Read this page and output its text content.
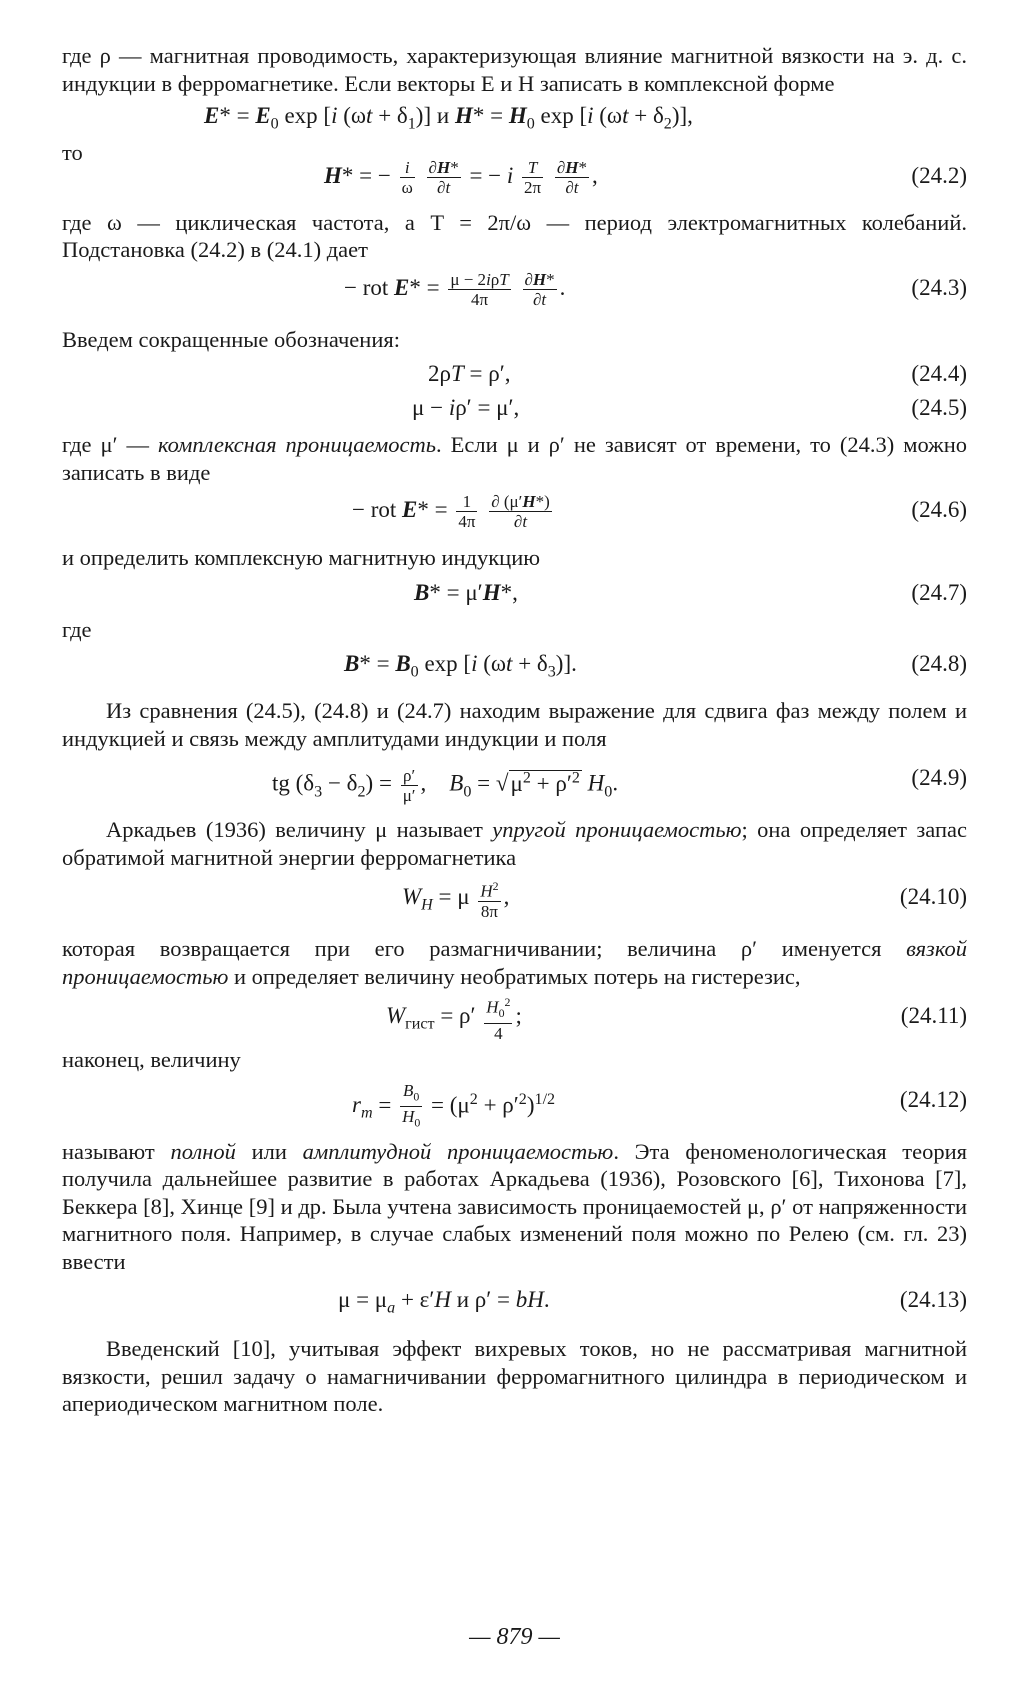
где ρ — магнитная проводимость, характеризующая влияние магнитной вязкости на э. д. с. индукции в ферромагнетике. Если векторы E и H записать в комплексной форме

$E* = E_0$ exp [i $(\omega t + \delta_1)$] и $H* = H_0$ exp [i $(\omega t + \delta_2)$],

то

H* = − $\frac{i}{\omega}$
$\frac{\partial H*}{\partial t}$ = − i $\frac{T}{2\pi}$
$\frac{\partial H*}{\partial t}$ ,	(24.2)

где ω — циклическая частота, а T = 2π/ω — период электромагнитных колебаний. Подстановка (24.2) в (24.1) дает

− rot $E* = \frac{\text{μ − 2iρT}}{4\pi}$
$\frac{\partial H*}{\partial t}$ .	(24.3)

Введем сокращенные обозначения:

2ρT = ρ′,	(24.4)
μ − iρ′ = μ′,	(24.5)

где μ′ — комплексная проницаемость. Если μ и ρ′ не зависят от времени, то (24.3) можно записать в виде

− rot $E* = \frac{1}{4\pi}$
$\frac{\partial (\mu'H*)}{\partial t}$	(24.6)

и определить комплексную магнитную индукцию

B* = μ′H*,	(24.7)

где

$B* = B_0$ exp [i $(\omega t + \delta_3)$].	(24.8)

Из сравнения (24.5), (24.8) и (24.7) находим выражение для сдвига фаз между полем и индукцией и связь между амплитудами индукции и поля

tg $(\delta_3 - \delta_2) = \frac{\rho'}{\mu'}$ ,    $B_0 = √\mu^2 + \rho'^2$ $H_0$.	(24.9)

Аркадьев (1936) величину μ называет упругой проницаемостью; она определяет запас обратимой магнитной энергии ферромагнетика

$W_H = \mu \frac{H^2}{8\pi}$ ,	(24.10)

которая возвращается при его размагничивании; величина ρ′ именуется вязкой проницаемостью и определяет величину необратимых потерь на гистерезис,

$W_{гист} = \rho' \frac{H_0^2}{4}$ ;	(24.11)

наконец, величину

$r_m = \frac{B_0}{H_0} = (\mu^2 + \rho'^2)^{1/2}$	(24.12)

называют полной или амплитудной проницаемостью. Эта феноменологическая теория получила дальнейшее развитие в работах Аркадьева (1936), Розовского [6], Тихонова [7], Беккера [8], Хинце [9] и др. Была учтена зависимость проницаемостей μ, ρ′ от напряженности магнитного поля. Например, в случае слабых изменений поля можно по Релею (см. гл. 23) ввести

$\mu = \mu_a + \varepsilon'H$ и ρ′ = bH.	(24.13)

Введенский [10], учитывая эффект вихревых токов, но не рассматривая магнитной вязкости, решил задачу о намагничивании ферромагнитного цилиндра в периодическом и апериодическом магнитном поле.

— 879 —
